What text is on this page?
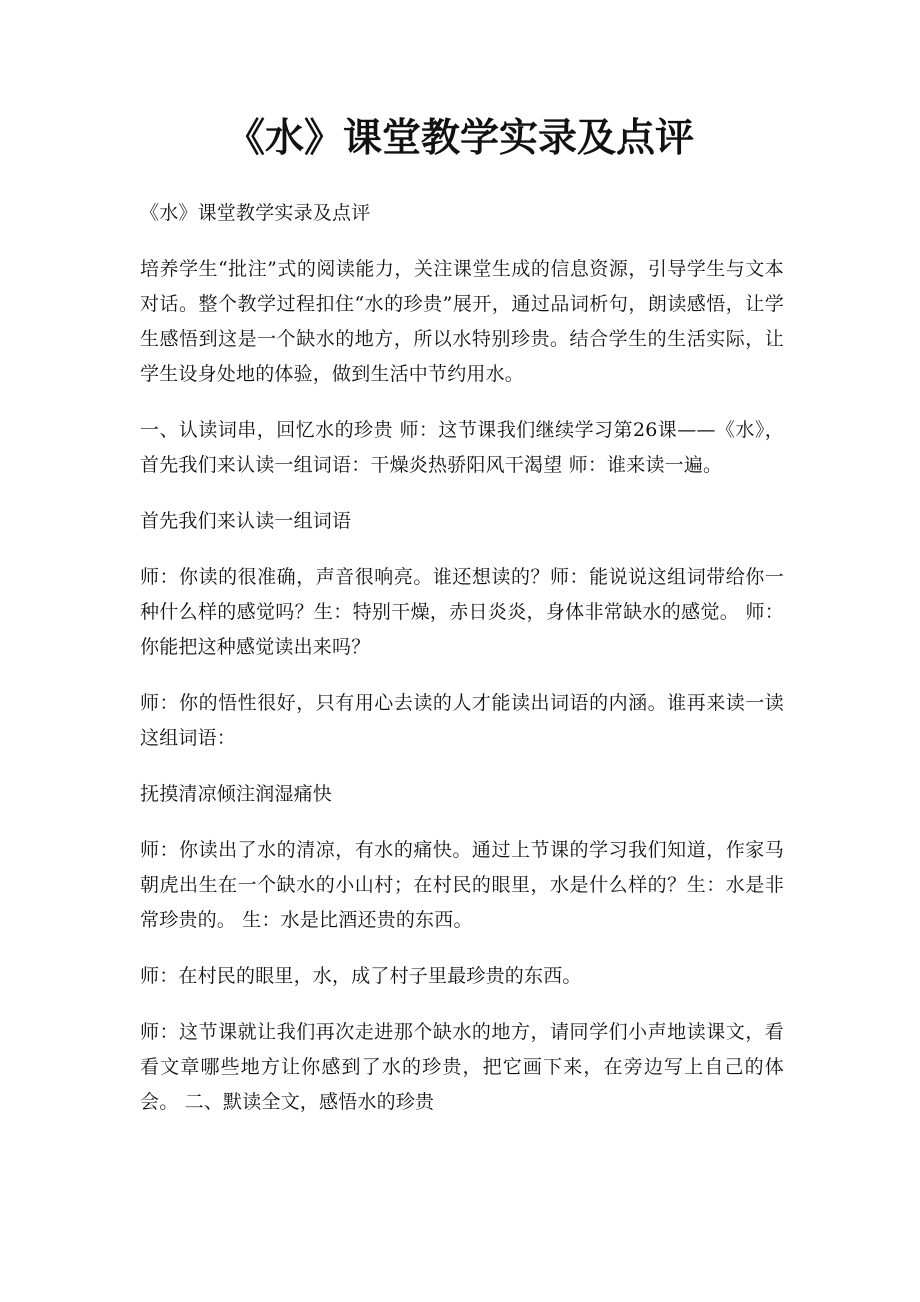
《水》课堂教学实录及点评

《水》课堂教学实录及点评

培养学生“批注”式的阅读能力，关注课堂生成的信息资源，引导学生与文本对话。整个教学过程扣住“水的珍贵”展开，通过品词析句，朗读感悟，让学生感悟到这是一个缺水的地方，所以水特别珍贵。结合学生的生活实际，让学生设身处地的体验，做到生活中节约用水。

一、认读词串，回忆水的珍贵 师：这节课我们继续学习第26课——《水》，首先我们来认读一组词语：干燥炎热骄阳风干渴望 师：谁来读一遍。

首先我们来认读一组词语

师：你读的很准确，声音很响亮。谁还想读的？师：能说说这组词带给你一种什么样的感觉吗？生：特别干燥，赤日炎炎，身体非常缺水的感觉。 师：你能把这种感觉读出来吗？

师：你的悟性很好，只有用心去读的人才能读出词语的内涵。谁再来读一读这组词语：

抚摸清凉倾注润湿痛快

师：你读出了水的清凉，有水的痛快。通过上节课的学习我们知道，作家马朝虎出生在一个缺水的小山村；在村民的眼里，水是什么样的？生：水是非常珍贵的。 生：水是比酒还贵的东西。

师：在村民的眼里，水，成了村子里最珍贵的东西。

师：这节课就让我们再次走进那个缺水的地方，请同学们小声地读课文，看看文章哪些地方让你感到了水的珍贵，把它画下来，在旁边写上自己的体会。 二、默读全文，感悟水的珍贵
